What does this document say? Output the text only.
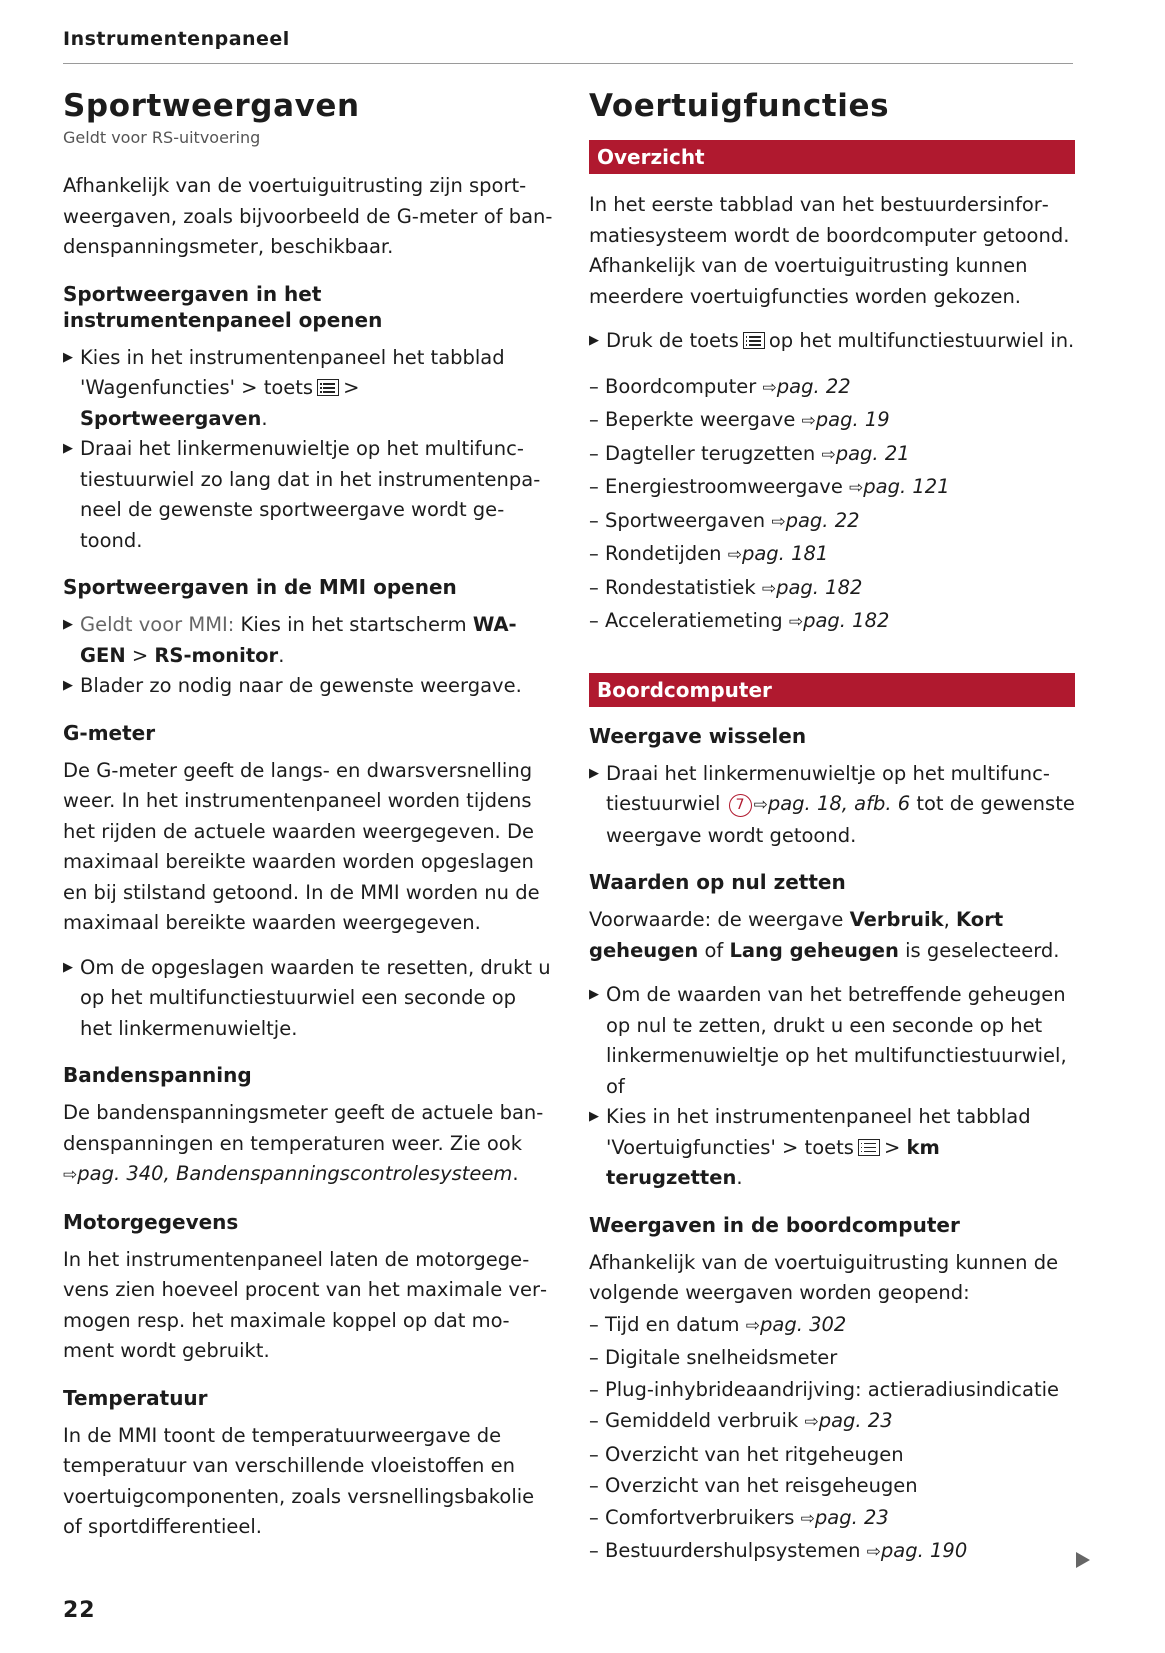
Instrumentenpaneel
Sportweergaven
Geldt voor RS-uitvoering

Afhankelijk van de voertuiguitrusting zijn sportweergaven, zoals bijvoorbeeld de G-meter of bandenspanningsmeter, beschikbaar.

Sportweergaven in het instrumentenpaneel openen
▶ Kies in het instrumentenpaneel het tabblad 'Wagenfuncties' > toets > Sportweergaven.
▶ Draai het linkermenuwieltje op het multifunctiestuurwiel zo lang dat in het instrumentenpaneel de gewenste sportweergave wordt getoond.
Sportweergaven in de MMI openen
▶ Geldt voor MMI: Kies in het startscherm WAGEN > RS-monitor.
▶ Blader zo nodig naar de gewenste weergave.
G-meter

De G-meter geeft de langs- en dwarsversnelling weer. In het instrumentenpaneel worden tijdens het rijden de actuele waarden weergegeven. De maximaal bereikte waarden worden opgeslagen en bij stilstand getoond. In de MMI worden nu de maximaal bereikte waarden weergegeven.

▶ Om de opgeslagen waarden te resetten, drukt u op het multifunctiestuurwiel een seconde op het linkermenuwieltje.
Bandenspanning

De bandenspanningsmeter geeft de actuele bandenspanningen en temperaturen weer. Zie ook ⇨pag. 340, Bandenspanningscontrolesysteem.

Motorgegevens

In het instrumentenpaneel laten de motorgegevens zien hoeveel procent van het maximale vermogen resp. het maximale koppel op dat moment wordt gebruikt.

Temperatuur

In de MMI toont de temperatuurweergave de temperatuur van verschillende vloeistoffen en voertuigcomponenten, zoals versnellingsbakolie of sportdifferentieel.

Voertuigfuncties
Overzicht

In het eerste tabblad van het bestuurdersinformatiesysteem wordt de boordcomputer getoond. Afhankelijk van de voertuiguitrusting kunnen meerdere voertuigfuncties worden gekozen.

▶ Druk de toets op het multifunctiestuurwiel in.
– Boordcomputer ⇨pag. 22
– Beperkte weergave ⇨pag. 19
– Dagteller terugzetten ⇨pag. 21
– Energiestroomweergave ⇨pag. 121
– Sportweergaven ⇨pag. 22
– Rondetijden ⇨pag. 181
– Rondestatistiek ⇨pag. 182
– Acceleratiemeting ⇨pag. 182
Boordcomputer
Weergave wisselen
▶ Draai het linkermenuwieltje op het multifunctiestuurwiel 7 ⇨pag. 18, afb. 6 tot de gewenste weergave wordt getoond.
Waarden op nul zetten

Voorwaarde: de weergave Verbruik, Kort geheugen of Lang geheugen is geselecteerd.

▶ Om de waarden van het betreffende geheugen op nul te zetten, drukt u een seconde op het linkermenuwieltje op het multifunctiestuurwiel, of
▶ Kies in het instrumentenpaneel het tabblad 'Voertuigfuncties' > toets > km terugzetten.
Weergaven in de boordcomputer

Afhankelijk van de voertuiguitrusting kunnen de volgende weergaven worden geopend:

– Tijd en datum ⇨pag. 302
– Digitale snelheidsmeter
– Plug-inhybrideaandrijving: actieradiusindicatie
– Gemiddeld verbruik ⇨pag. 23
– Overzicht van het ritgeheugen
– Overzicht van het reisgeheugen
– Comfortverbruikers ⇨pag. 23
– Bestuurdershulpsystemen ⇨pag. 190
22
